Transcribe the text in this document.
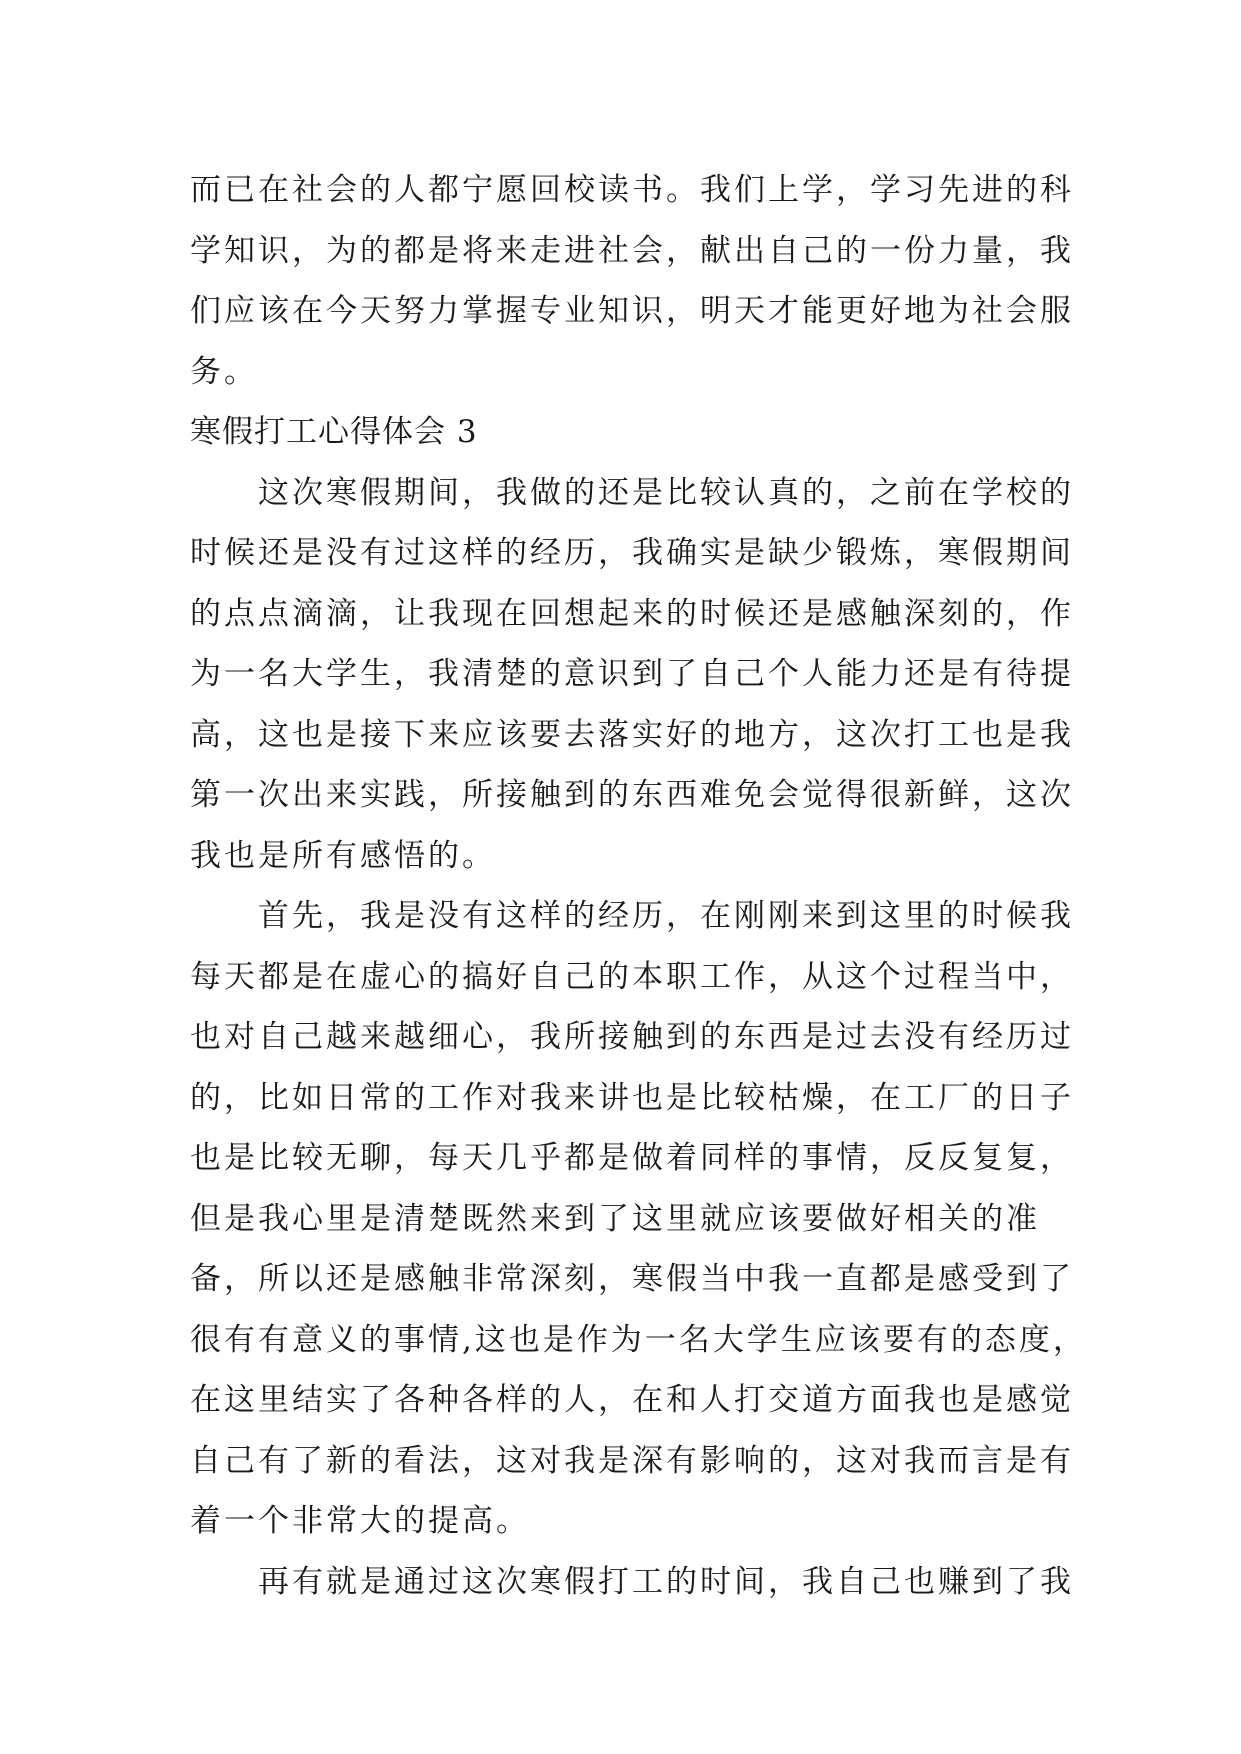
而已在社会的人都宁愿回校读书。我们上学，学习先进的科
学知识，为的都是将来走进社会，献出自己的一份力量，我
们应该在今天努力掌握专业知识，明天才能更好地为社会服
务。
寒假打工心得体会 3
这次寒假期间，我做的还是比较认真的，之前在学校的
时候还是没有过这样的经历，我确实是缺少锻炼，寒假期间
的点点滴滴，让我现在回想起来的时候还是感触深刻的，作
为一名大学生，我清楚的意识到了自己个人能力还是有待提
高，这也是接下来应该要去落实好的地方，这次打工也是我
第一次出来实践，所接触到的东西难免会觉得很新鲜，这次
我也是所有感悟的。
首先，我是没有这样的经历，在刚刚来到这里的时候我
每天都是在虚心的搞好自己的本职工作，从这个过程当中，
也对自己越来越细心，我所接触到的东西是过去没有经历过
的，比如日常的工作对我来讲也是比较枯燥，在工厂的日子
也是比较无聊，每天几乎都是做着同样的事情，反反复复，
但是我心里是清楚既然来到了这里就应该要做好相关的准
备，所以还是感触非常深刻，寒假当中我一直都是感受到了
很有有意义的事情,这也是作为一名大学生应该要有的态度，
在这里结实了各种各样的人，在和人打交道方面我也是感觉
自己有了新的看法，这对我是深有影响的，这对我而言是有
着一个非常大的提高。
再有就是通过这次寒假打工的时间，我自己也赚到了我
